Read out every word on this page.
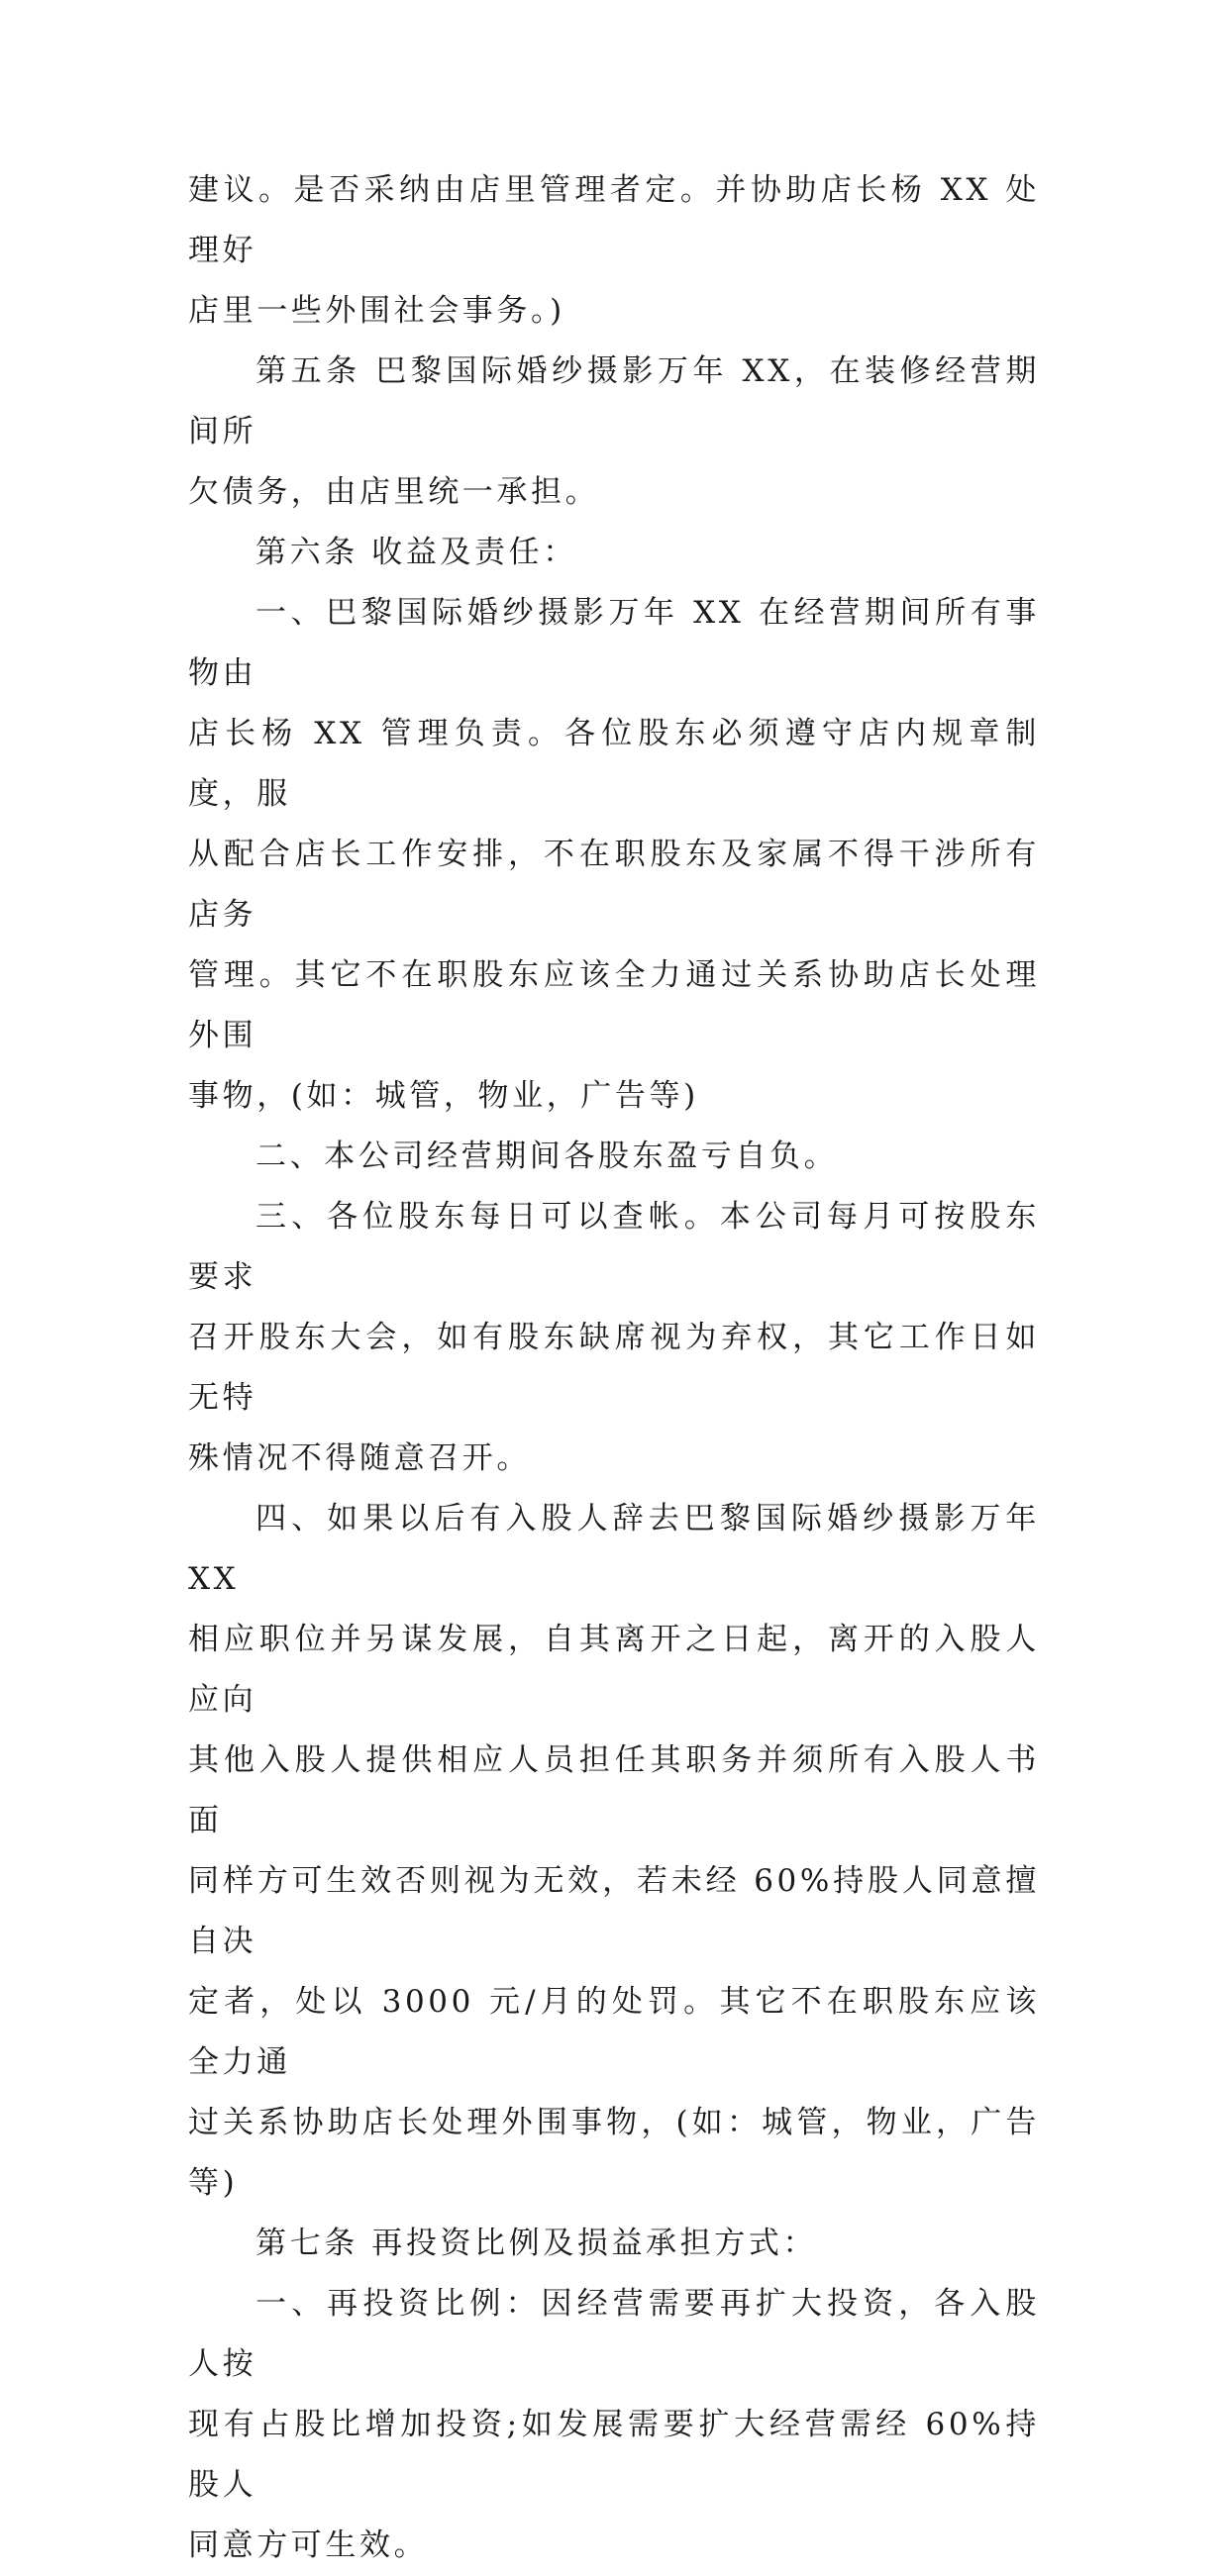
建议。是否采纳由店里管理者定。并协助店长杨 XX 处理好
店里一些外围社会事务。)

第五条 巴黎国际婚纱摄影万年 XX，在装修经营期间所
欠债务，由店里统一承担。

第六条 收益及责任：

一、巴黎国际婚纱摄影万年 XX 在经营期间所有事物由
店长杨 XX 管理负责。各位股东必须遵守店内规章制度，服
从配合店长工作安排，不在职股东及家属不得干涉所有店务
管理。其它不在职股东应该全力通过关系协助店长处理外围
事物，(如：城管，物业，广告等)

二、本公司经营期间各股东盈亏自负。

三、各位股东每日可以查帐。本公司每月可按股东要求
召开股东大会，如有股东缺席视为弃权，其它工作日如无特
殊情况不得随意召开。

四、如果以后有入股人辞去巴黎国际婚纱摄影万年 XX
相应职位并另谋发展，自其离开之日起，离开的入股人应向
其他入股人提供相应人员担任其职务并须所有入股人书面
同样方可生效否则视为无效，若未经 60%持股人同意擅自决
定者，处以 3000 元/月的处罚。其它不在职股东应该全力通
过关系协助店长处理外围事物，(如：城管，物业，广告等)

第七条 再投资比例及损益承担方式：

一、再投资比例：因经营需要再扩大投资，各入股人按
现有占股比增加投资;如发展需要扩大经营需经 60%持股人
同意方可生效。
